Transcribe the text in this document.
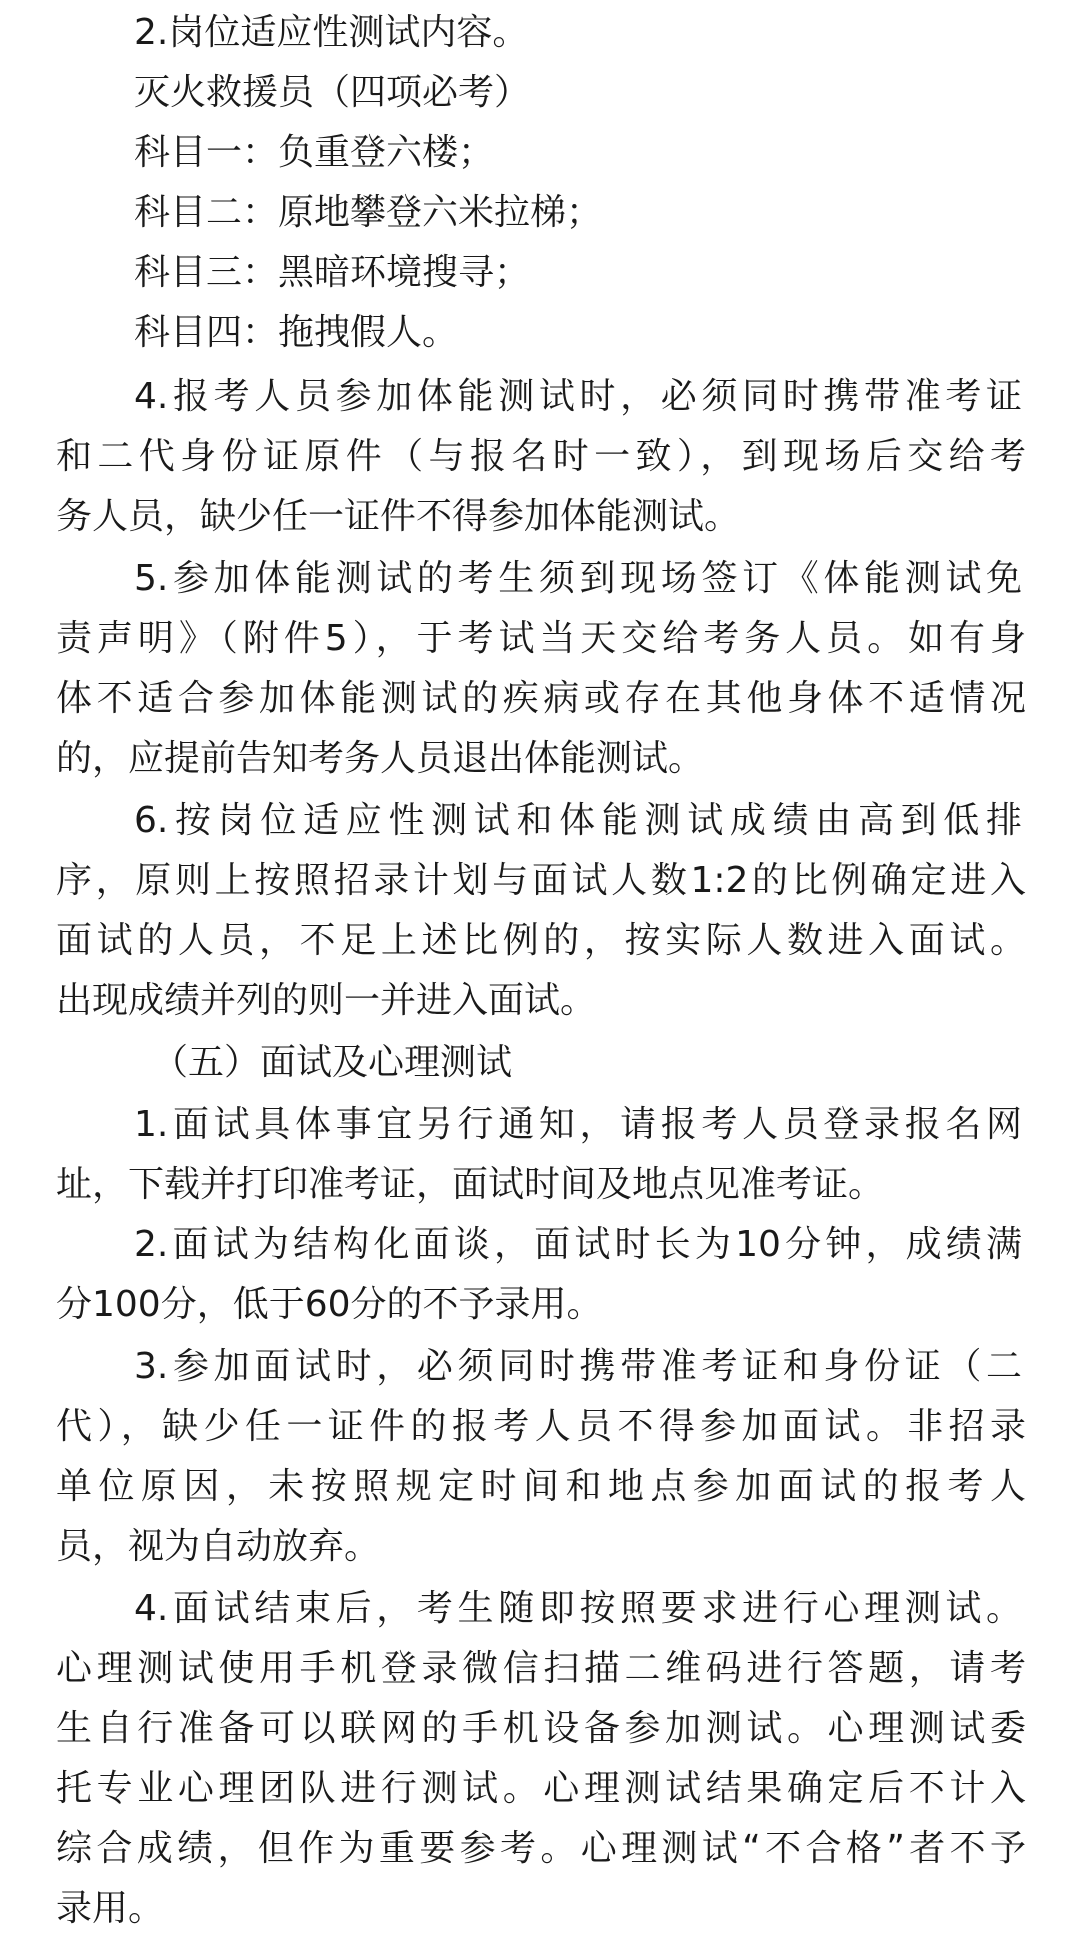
2.岗位适应性测试内容。
灭火救援员（四项必考）
科目一：负重登六楼；
科目二：原地攀登六米拉梯；
科目三：黑暗环境搜寻；
科目四：拖拽假人。
4.报考人员参加体能测试时，必须同时携带准考证
和二代身份证原件（与报名时一致），到现场后交给考
务人员，缺少任一证件不得参加体能测试。
5.参加体能测试的考生须到现场签订《体能测试免
责声明》（附件5），于考试当天交给考务人员。如有身
体不适合参加体能测试的疾病或存在其他身体不适情况
的，应提前告知考务人员退出体能测试。
6.按岗位适应性测试和体能测试成绩由高到低排
序，原则上按照招录计划与面试人数1:2的比例确定进入
面试的人员，不足上述比例的，按实际人数进入面试。
出现成绩并列的则一并进入面试。
（五）面试及心理测试
1.面试具体事宜另行通知，请报考人员登录报名网
址，下载并打印准考证，面试时间及地点见准考证。
2.面试为结构化面谈，面试时长为10分钟，成绩满
分100分，低于60分的不予录用。
3.参加面试时，必须同时携带准考证和身份证（二
代），缺少任一证件的报考人员不得参加面试。非招录
单位原因，未按照规定时间和地点参加面试的报考人
员，视为自动放弃。
4.面试结束后，考生随即按照要求进行心理测试。
心理测试使用手机登录微信扫描二维码进行答题，请考
生自行准备可以联网的手机设备参加测试。心理测试委
托专业心理团队进行测试。心理测试结果确定后不计入
综合成绩，但作为重要参考。心理测试“不合格”者不予
录用。
